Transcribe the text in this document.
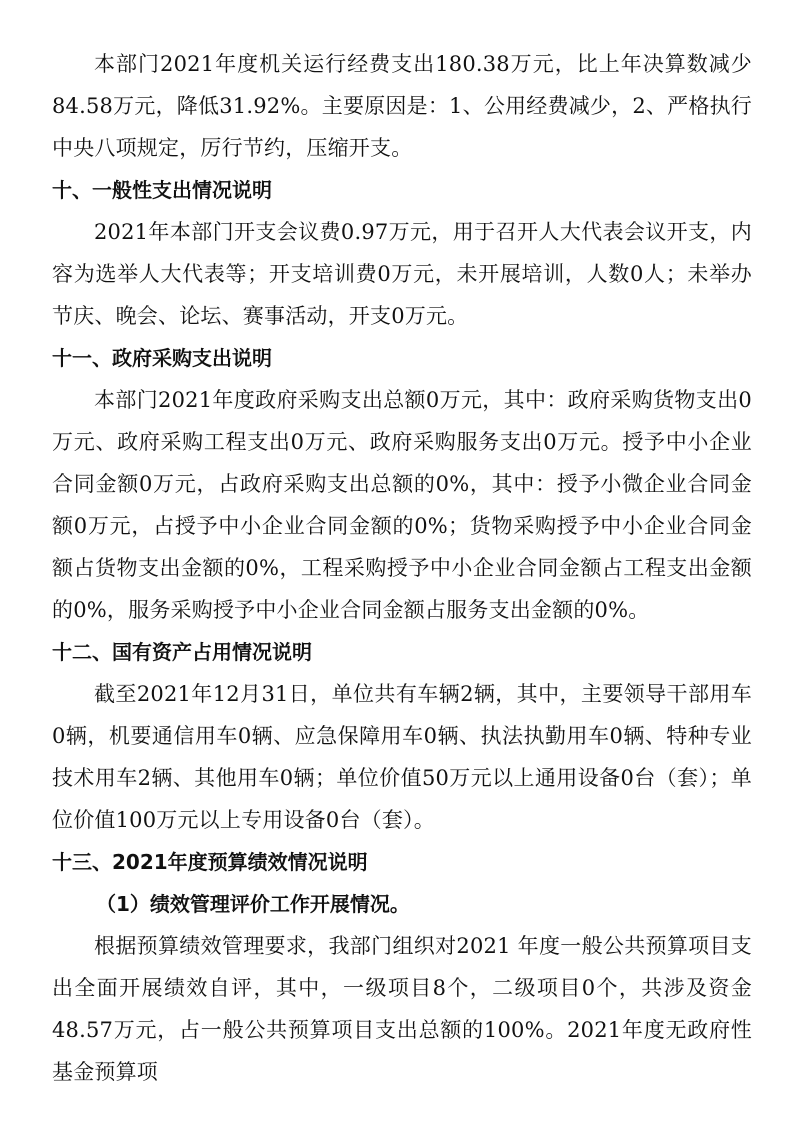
本部门2021年度机关运行经费支出180.38万元，比上年决算数减少84.58万元，降低31.92%。主要原因是：1、公用经费减少，2、严格执行中央八项规定，厉行节约，压缩开支。

十、一般性支出情况说明

2021年本部门开支会议费0.97万元，用于召开人大代表会议开支，内容为选举人大代表等；开支培训费0万元，未开展培训，人数0人；未举办节庆、晚会、论坛、赛事活动，开支0万元。

十一、政府采购支出说明

本部门2021年度政府采购支出总额0万元，其中：政府采购货物支出0 万元、政府采购工程支出0万元、政府采购服务支出0万元。授予中小企业合同金额0万元，占政府采购支出总额的0%，其中：授予小微企业合同金额0万元，占授予中小企业合同金额的0%；货物采购授予中小企业合同金额占货物支出金额的0%，工程采购授予中小企业合同金额占工程支出金额的0%，服务采购授予中小企业合同金额占服务支出金额的0%。

十二、国有资产占用情况说明

截至2021年12月31日，单位共有车辆2辆，其中，主要领导干部用车0辆，机要通信用车0辆、应急保障用车0辆、执法执勤用车0辆、特种专业技术用车2辆、其他用车0辆；单位价值50万元以上通用设备0台（套）；单位价值100万元以上专用设备0台（套）。

十三、2021年度预算绩效情况说明
（1）绩效管理评价工作开展情况。

根据预算绩效管理要求，我部门组织对2021 年度一般公共预算项目支出全面开展绩效自评，其中，一级项目8个，二级项目0个，共涉及资金48.57万元，占一般公共预算项目支出总额的100%。2021年度无政府性基金预算项
